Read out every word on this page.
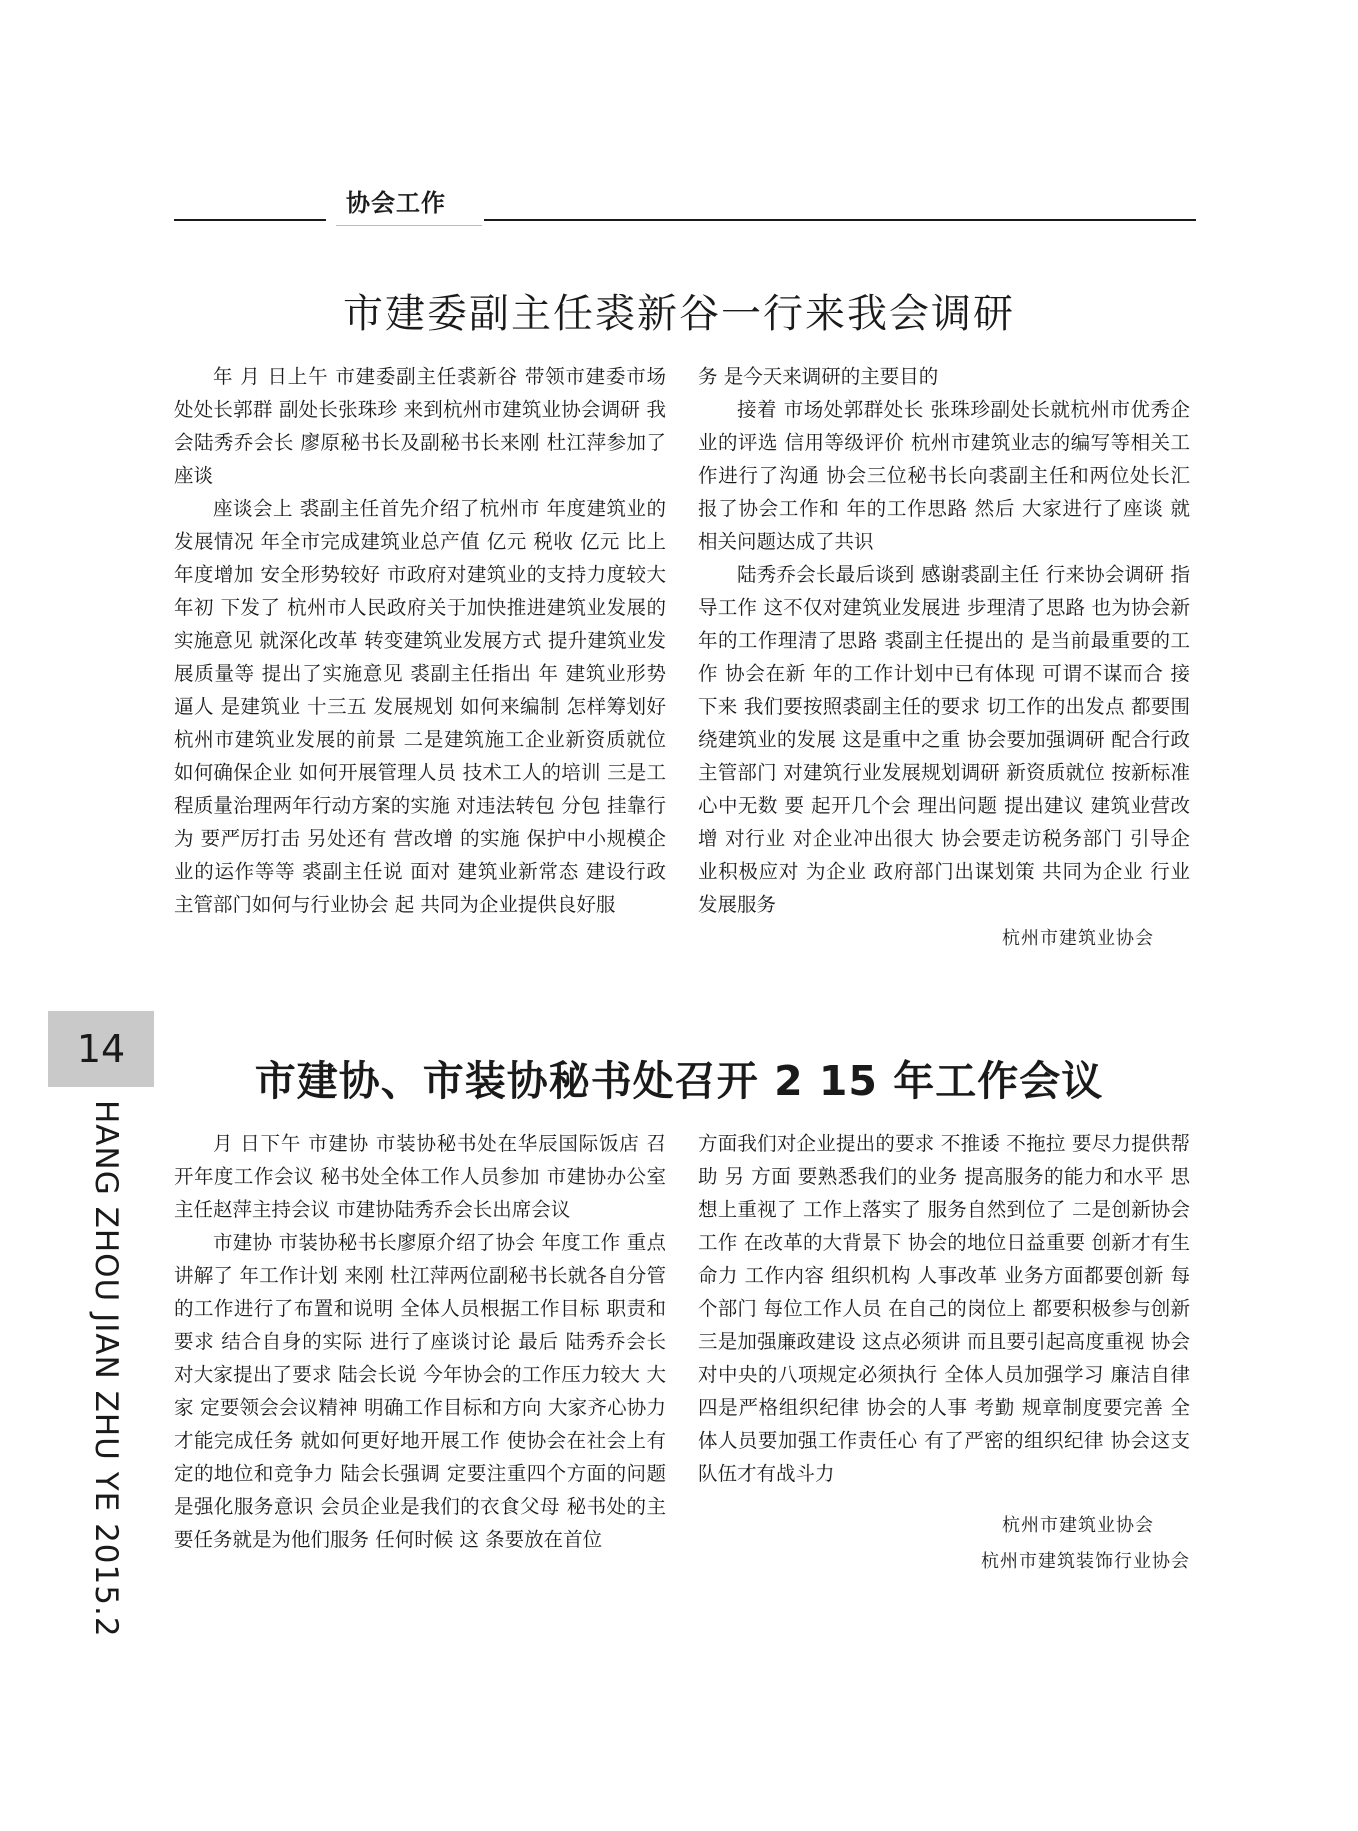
协会工作
市建委副主任裘新谷一行来我会调研

年 月 日上午 市建委副主任裘新谷 带领市建委市场处处长郭群 副处长张珠珍 来到杭州市建筑业协会调研 我会陆秀乔会长 廖原秘书长及副秘书长来刚 杜江萍参加了座谈

座谈会上 裘副主任首先介绍了杭州市 年度建筑业的发展情况 年全市完成建筑业总产值 亿元 税收 亿元 比上年度增加 安全形势较好 市政府对建筑业的支持力度较大 年初 下发了 杭州市人民政府关于加快推进建筑业发展的实施意见 就深化改革 转变建筑业发展方式 提升建筑业发展质量等 提出了实施意见 裘副主任指出 年 建筑业形势逼人 是建筑业 十三五 发展规划 如何来编制 怎样筹划好杭州市建筑业发展的前景 二是建筑施工企业新资质就位 如何确保企业 如何开展管理人员 技术工人的培训 三是工程质量治理两年行动方案的实施 对违法转包 分包 挂靠行为 要严厉打击 另处还有 营改增 的实施 保护中小规模企业的运作等等 裘副主任说 面对 建筑业新常态 建设行政主管部门如何与行业协会 起 共同为企业提供良好服

务 是今天来调研的主要目的

接着 市场处郭群处长 张珠珍副处长就杭州市优秀企业的评选 信用等级评价 杭州市建筑业志的编写等相关工作进行了沟通 协会三位秘书长向裘副主任和两位处长汇报了协会工作和 年的工作思路 然后 大家进行了座谈 就相关问题达成了共识

陆秀乔会长最后谈到 感谢裘副主任 行来协会调研 指导工作 这不仅对建筑业发展进 步理清了思路 也为协会新 年的工作理清了思路 裘副主任提出的 是当前最重要的工作 协会在新 年的工作计划中已有体现 可谓不谋而合 接下来 我们要按照裘副主任的要求 切工作的出发点 都要围绕建筑业的发展 这是重中之重 协会要加强调研 配合行政主管部门 对建筑行业发展规划调研 新资质就位 按新标准 心中无数 要 起开几个会 理出问题 提出建议 建筑业营改增 对行业 对企业冲出很大 协会要走访税务部门 引导企业积极应对 为企业 政府部门出谋划策 共同为企业 行业发展服务

杭州市建筑业协会
14
HANG ZHOU JIAN ZHU YE 2015.2
市建协、市装协秘书处召开 2 15 年工作会议

月 日下午 市建协 市装协秘书处在华辰国际饭店 召开年度工作会议 秘书处全体工作人员参加 市建协办公室主任赵萍主持会议 市建协陆秀乔会长出席会议

市建协 市装协秘书长廖原介绍了协会 年度工作 重点讲解了 年工作计划 来刚 杜江萍两位副秘书长就各自分管的工作进行了布置和说明 全体人员根据工作目标 职责和要求 结合自身的实际 进行了座谈讨论 最后 陆秀乔会长对大家提出了要求 陆会长说 今年协会的工作压力较大 大家 定要领会会议精神 明确工作目标和方向 大家齐心协力 才能完成任务 就如何更好地开展工作 使协会在社会上有 定的地位和竞争力 陆会长强调 定要注重四个方面的问题 是强化服务意识 会员企业是我们的衣食父母 秘书处的主要任务就是为他们服务 任何时候 这 条要放在首位

方面我们对企业提出的要求 不推诿 不拖拉 要尽力提供帮助 另 方面 要熟悉我们的业务 提高服务的能力和水平 思想上重视了 工作上落实了 服务自然到位了 二是创新协会工作 在改革的大背景下 协会的地位日益重要 创新才有生命力 工作内容 组织机构 人事改革 业务方面都要创新 每个部门 每位工作人员 在自己的岗位上 都要积极参与创新 三是加强廉政建设 这点必须讲 而且要引起高度重视 协会对中央的八项规定必须执行 全体人员加强学习 廉洁自律 四是严格组织纪律 协会的人事 考勤 规章制度要完善 全体人员要加强工作责任心 有了严密的组织纪律 协会这支队伍才有战斗力

杭州市建筑业协会
杭州市建筑装饰行业协会
